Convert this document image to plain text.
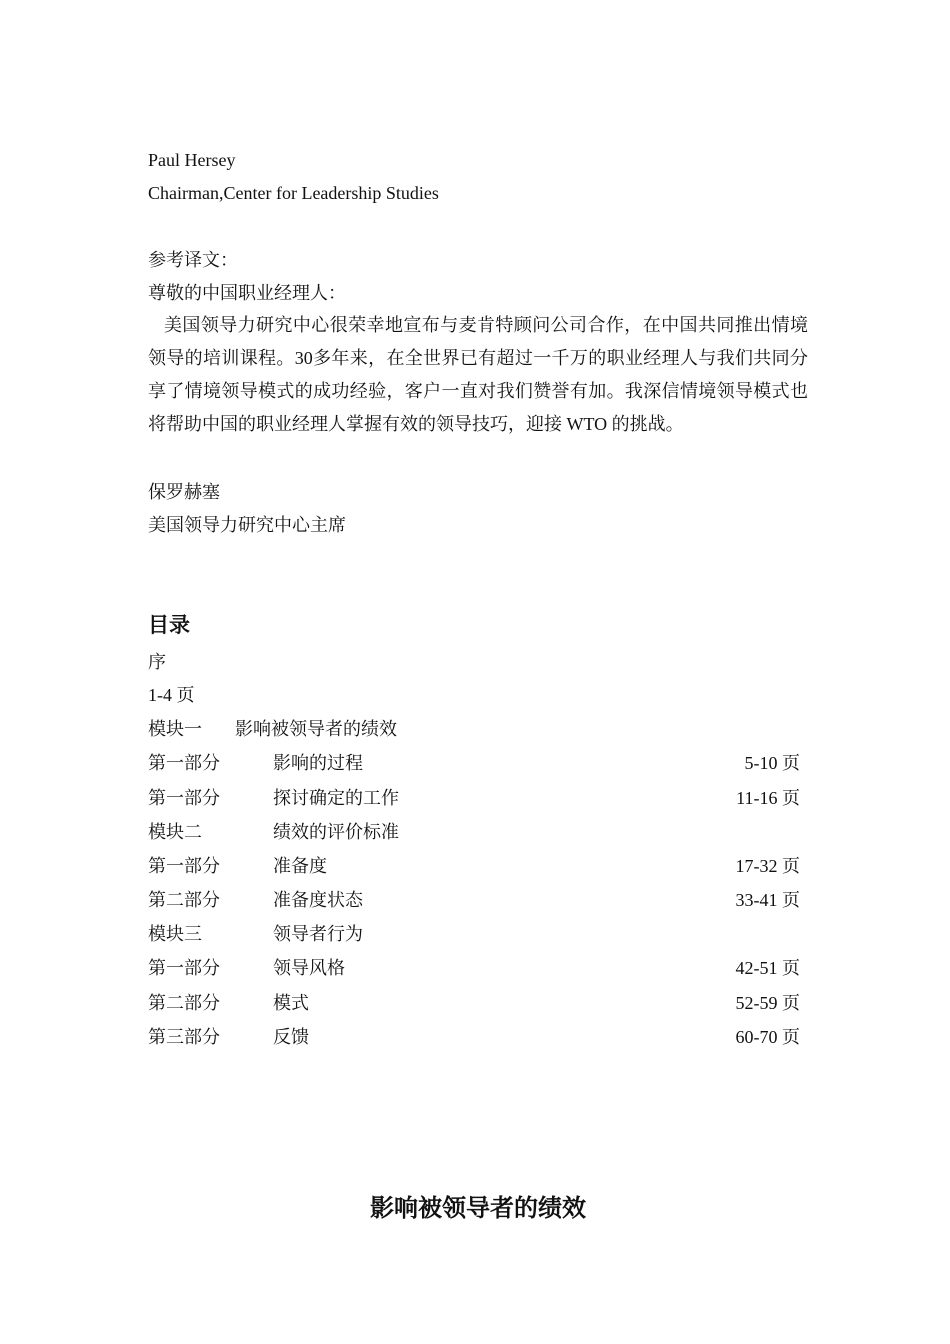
Paul Hersey
Chairman,Center for Leadership Studies
参考译文：
尊敬的中国职业经理人：
美国领导力研究中心很荣幸地宣布与麦肯特顾问公司合作，在中国共同推出情境领导的培训课程。30多年来，在全世界已有超过一千万的职业经理人与我们共同分享了情境领导模式的成功经验，客户一直对我们赞誉有加。我深信情境领导模式也将帮助中国的职业经理人掌握有效的领导技巧，迎接 WTO 的挑战。
保罗赫塞
美国领导力研究中心主席
目录
序
1-4 页
模块一 影响被领导者的绩效
第一部分	影响的过程	5-10 页
第一部分	探讨确定的工作	11-16 页
模块二	绩效的评价标准
第一部分	准备度	17-32 页
第二部分	准备度状态	33-41 页
模块三	领导者行为
第一部分	领导风格	42-51 页
第二部分	模式	52-59 页
第三部分	反馈	60-70 页
影响被领导者的绩效
